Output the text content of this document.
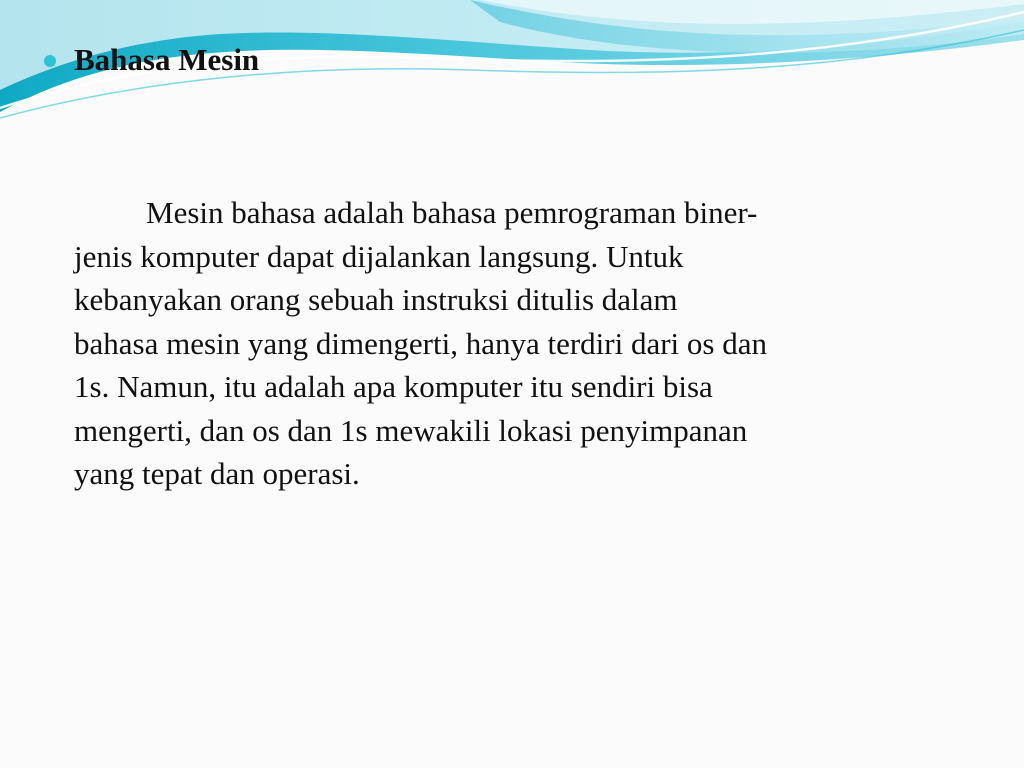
Bahasa Mesin

Mesin bahasa adalah bahasa pemrograman biner-
jenis komputer dapat dijalankan langsung. Untuk
kebanyakan orang sebuah instruksi ditulis dalam
bahasa mesin yang dimengerti, hanya terdiri dari os dan
1s. Namun, itu adalah apa komputer itu sendiri bisa
mengerti, dan os dan 1s mewakili lokasi penyimpanan
yang tepat dan operasi.
